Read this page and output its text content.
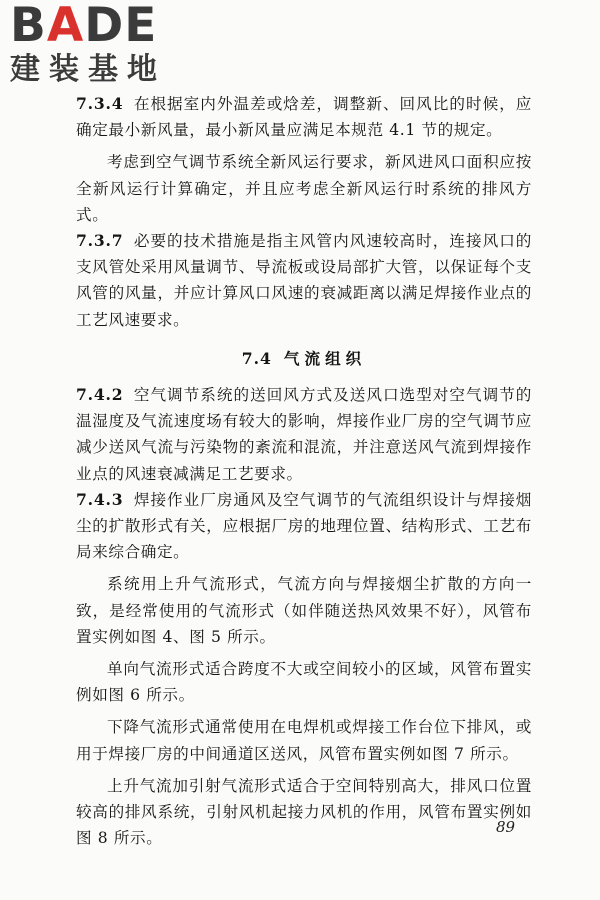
B A DE
建装基地

7.3.4 在根据室内外温差或焓差，调整新、回风比的时候，应确定最小新风量，最小新风量应满足本规范 4.1 节的规定。

考虑到空气调节系统全新风运行要求，新风进风口面积应按全新风运行计算确定，并且应考虑全新风运行时系统的排风方式。

7.3.7 必要的技术措施是指主风管内风速较高时，连接风口的支风管处采用风量调节、导流板或设局部扩大管，以保证每个支风管的风量，并应计算风口风速的衰减距离以满足焊接作业点的工艺风速要求。

7.4 气流组织

7.4.2 空气调节系统的送回风方式及送风口选型对空气调节的温湿度及气流速度场有较大的影响，焊接作业厂房的空气调节应减少送风气流与污染物的紊流和混流，并注意送风气流到焊接作业点的风速衰减满足工艺要求。

7.4.3 焊接作业厂房通风及空气调节的气流组织设计与焊接烟尘的扩散形式有关，应根据厂房的地理位置、结构形式、工艺布局来综合确定。

系统用上升气流形式，气流方向与焊接烟尘扩散的方向一致，是经常使用的气流形式（如伴随送热风效果不好），风管布置实例如图 4、图 5 所示。

单向气流形式适合跨度不大或空间较小的区域，风管布置实例如图 6 所示。

下降气流形式通常使用在电焊机或焊接工作台位下排风，或用于焊接厂房的中间通道区送风，风管布置实例如图 7 所示。

上升气流加引射气流形式适合于空间特别高大，排风口位置较高的排风系统，引射风机起接力风机的作用，风管布置实例如图 8 所示。

89
